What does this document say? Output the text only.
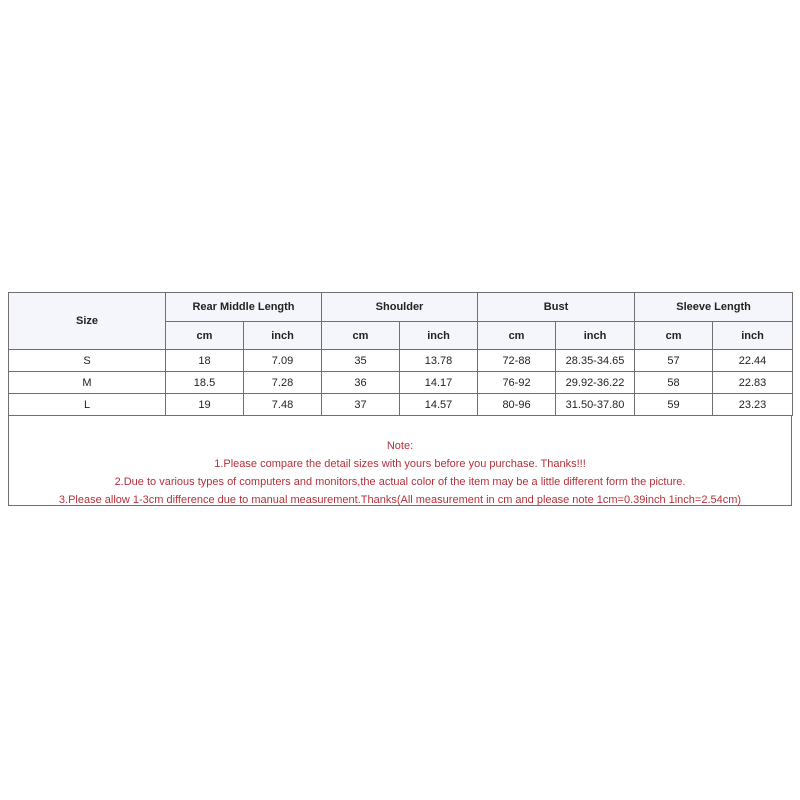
Size	Rear Middle Length		Shoulder		Bust		Sleeve Length	
	cm	inch	cm	inch	cm	inch	cm	inch
S	18	7.09	35	13.78	72-88	28.35-34.65	57	22.44
M	18.5	7.28	36	14.17	76-92	29.92-36.22	58	22.83
L	19	7.48	37	14.57	80-96	31.50-37.80	59	23.23
Note:
1.Please compare the detail sizes with yours before you purchase. Thanks!!!
2.Due to various types of computers and monitors,the actual color of the item may be a little different form the picture.
3.Please allow 1-3cm difference due to manual measurement.Thanks(All measurement in cm and please note 1cm=0.39inch 1inch=2.54cm)
